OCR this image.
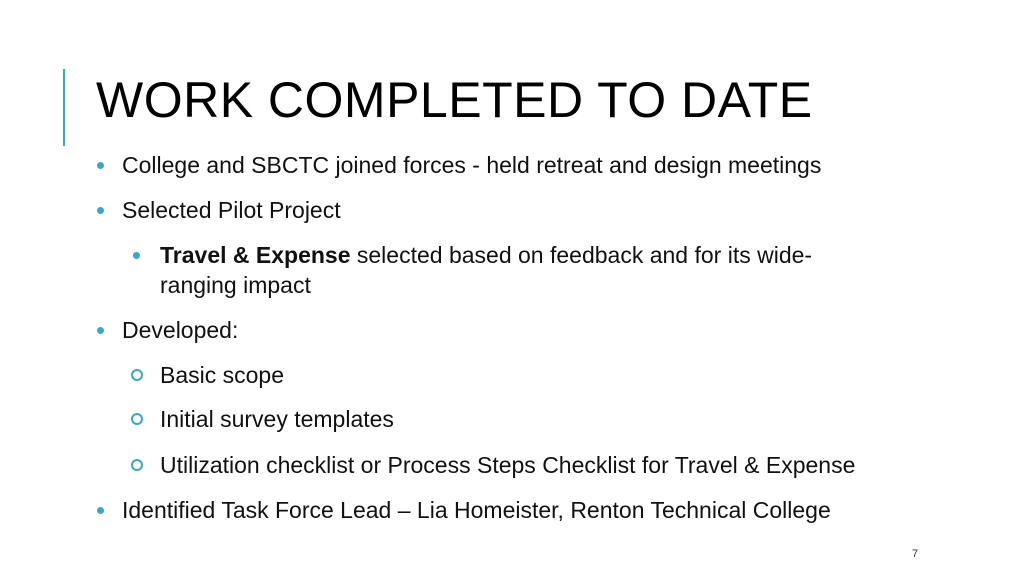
WORK COMPLETED TO DATE
College and SBCTC joined forces - held retreat and design meetings
Selected Pilot Project
Travel & Expense selected based on feedback and for its wide-
ranging impact
Developed:
Basic scope
Initial survey templates
Utilization checklist or Process Steps Checklist for Travel & Expense
Identified Task Force Lead – Lia Homeister, Renton Technical College
7
